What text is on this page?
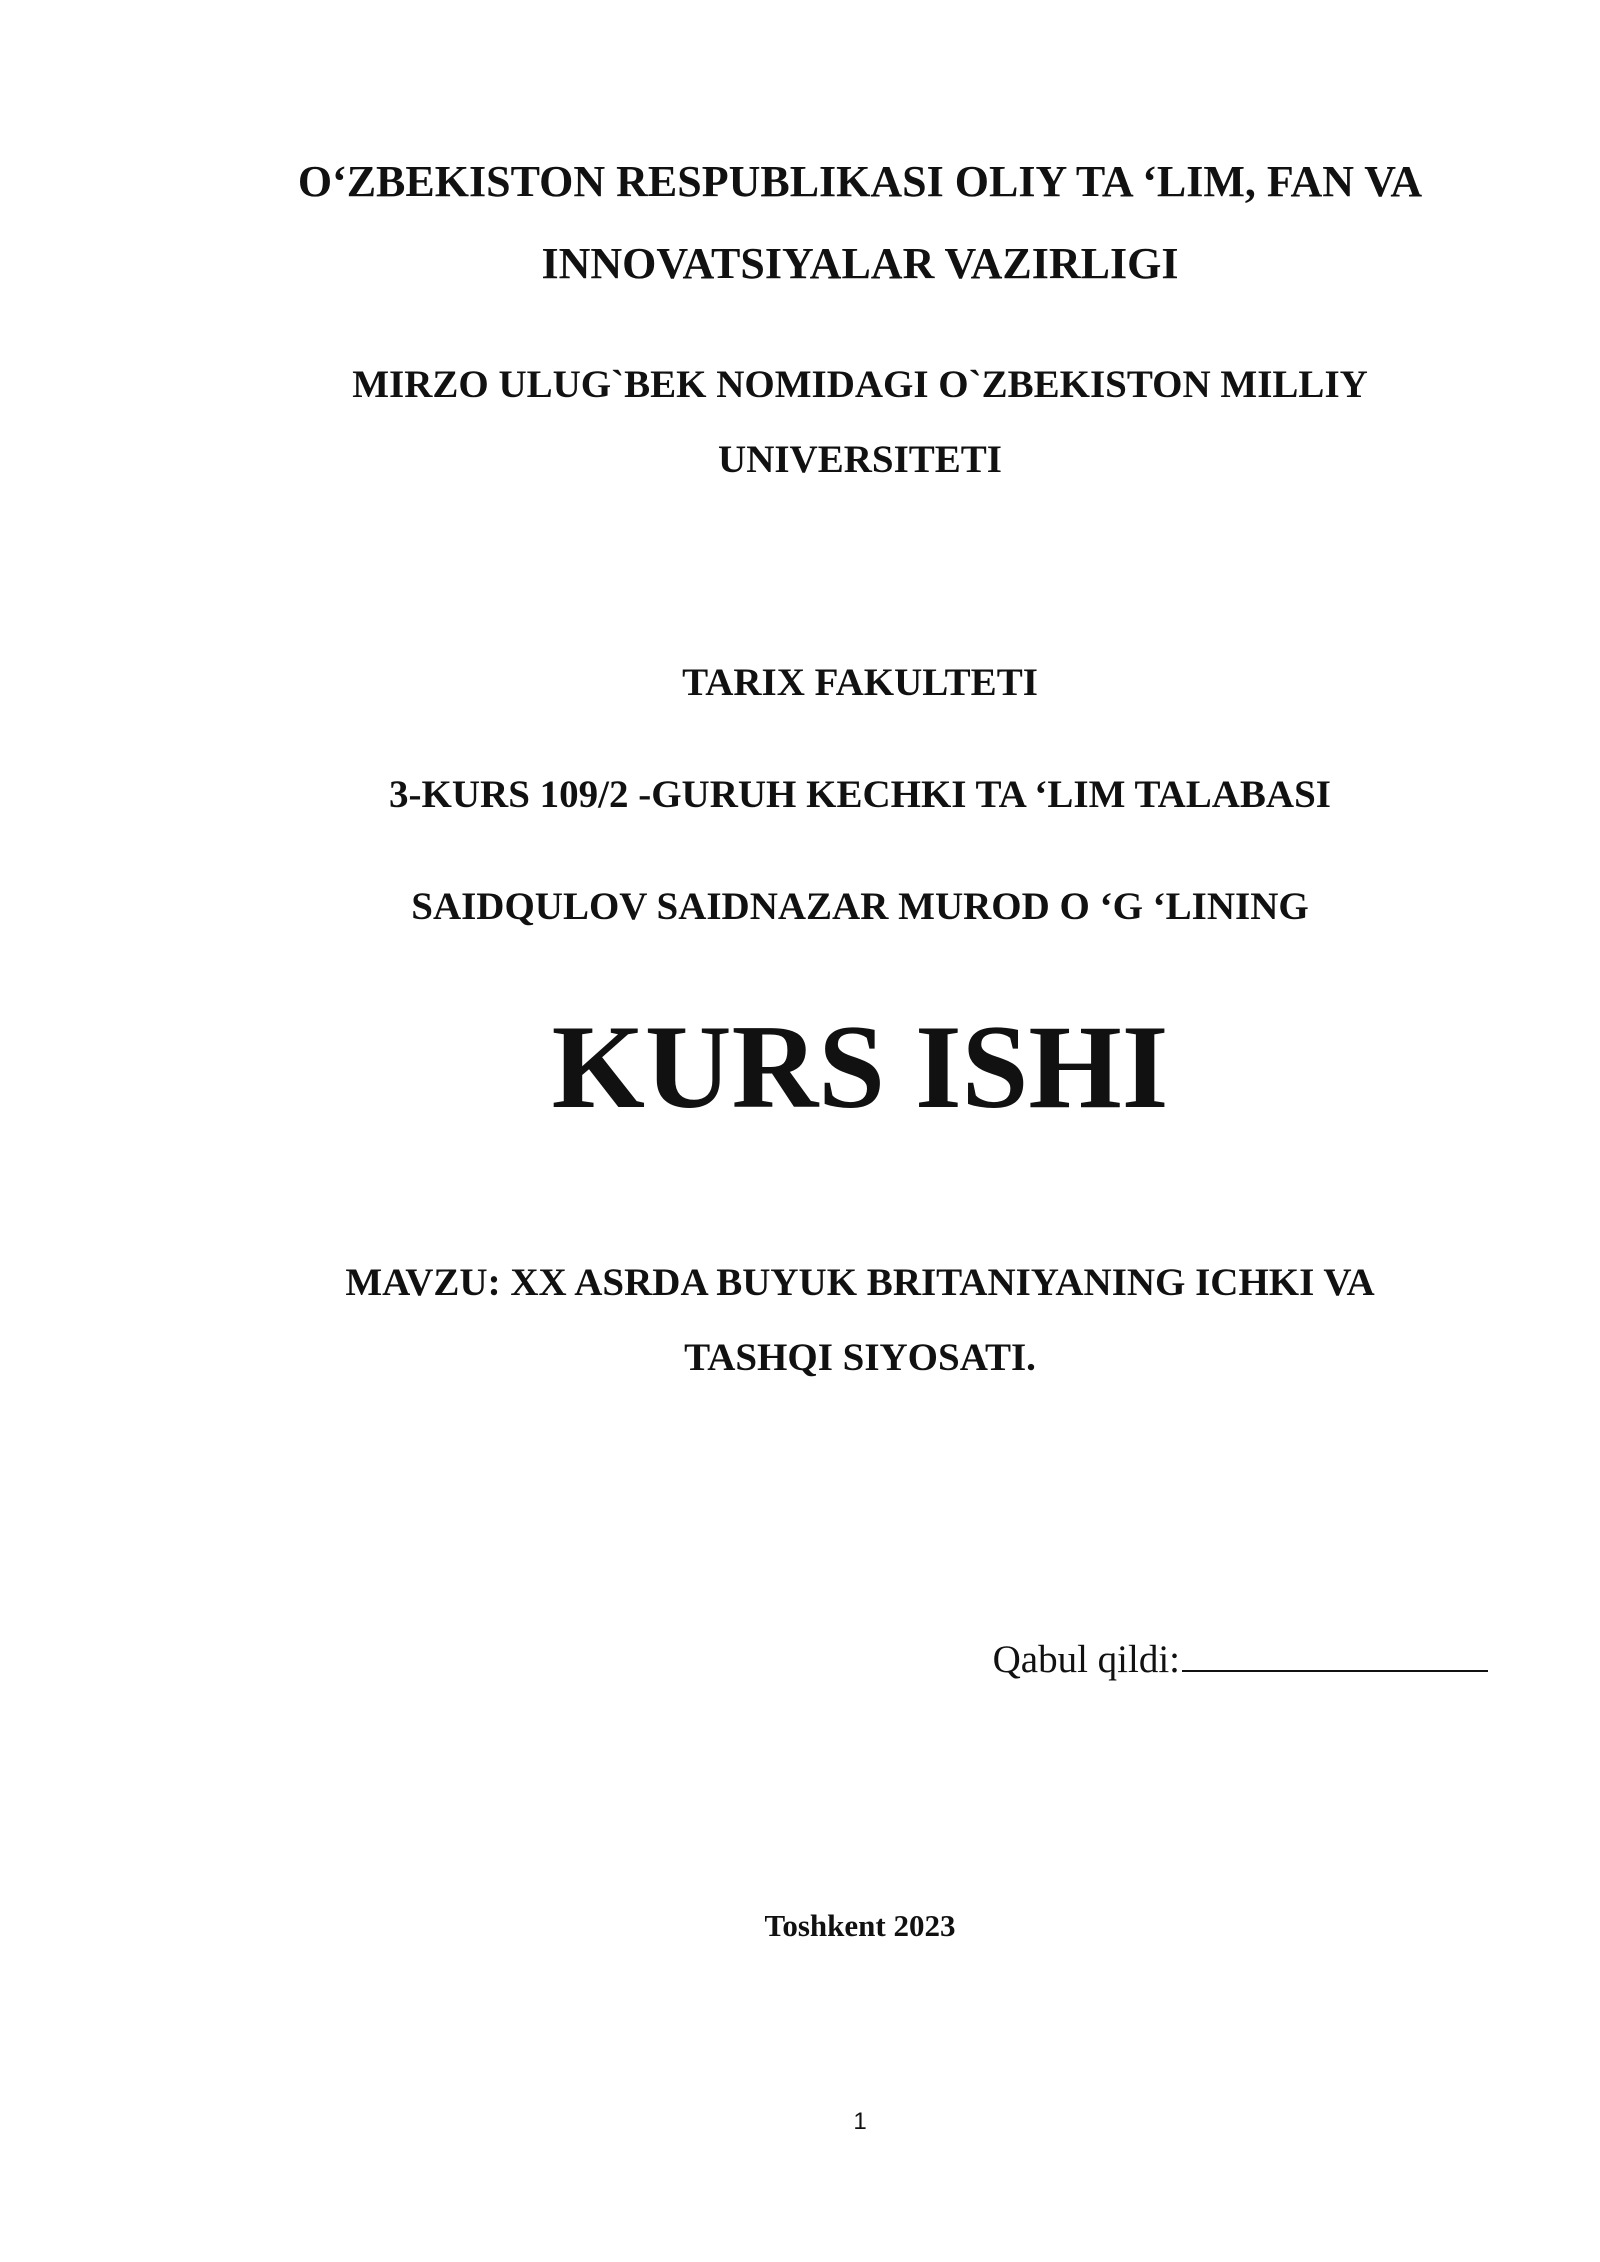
O‘ZBEKISTON RESPUBLIKASI OLIY TA ‘LIM, FAN VA
INNOVATSIYALAR VAZIRLIGI
MIRZO ULUG`BEK NOMIDAGI O`ZBEKISTON MILLIY
UNIVERSITETI
TARIX FAKULTETI
3-KURS 109/2 -GURUH KECHKI TA ‘LIM TALABASI
SAIDQULOV SAIDNAZAR MUROD O ‘G ‘LINING
KURS ISHI
MAVZU: XX ASRDA BUYUK BRITANIYANING ICHKI VA
TASHQI SIYOSATI.
Qabul qildi:
Toshkent 2023
1
